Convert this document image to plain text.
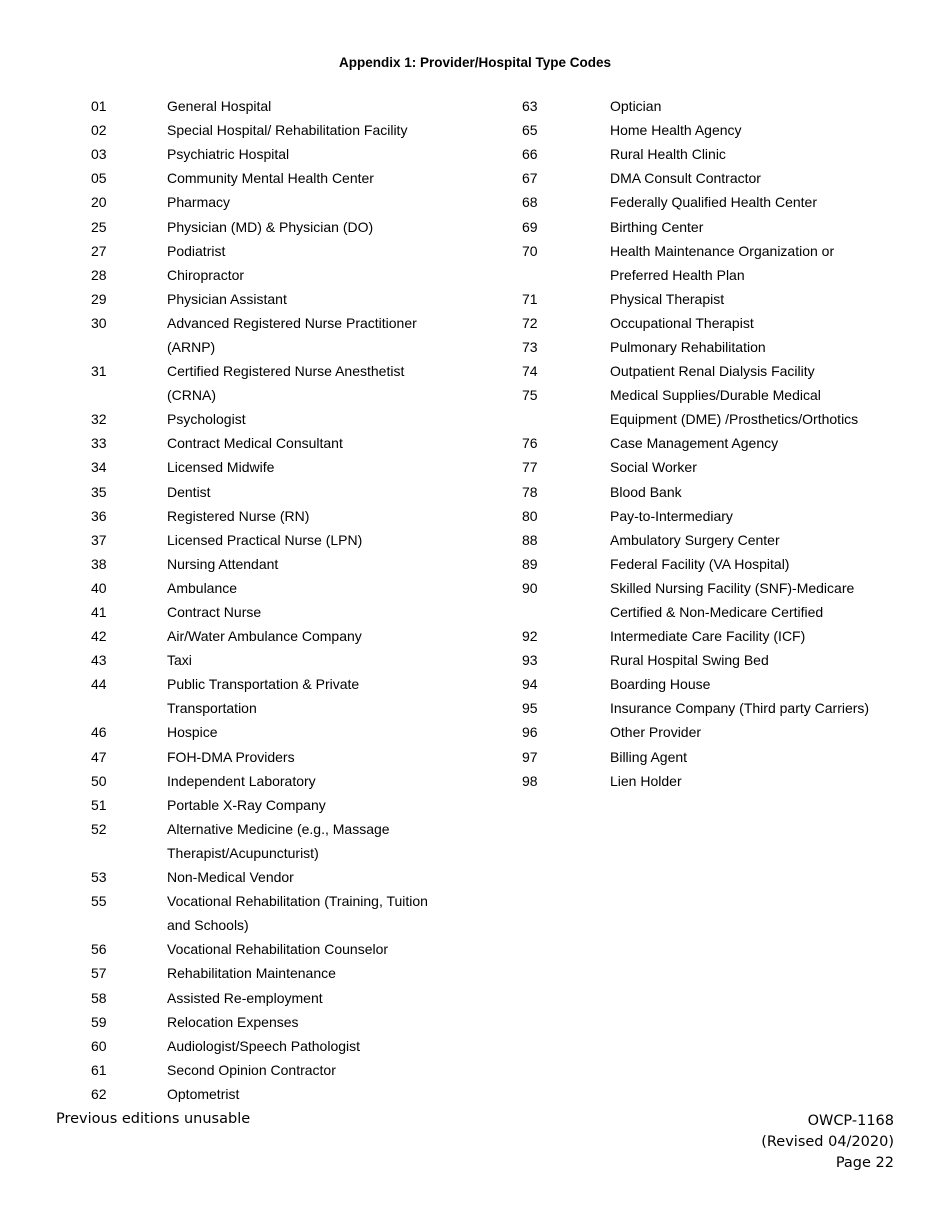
Appendix 1: Provider/Hospital Type Codes
01	General Hospital
02	Special Hospital/ Rehabilitation Facility
03	Psychiatric Hospital
05	Community Mental Health Center
20	Pharmacy
25	Physician (MD) & Physician (DO)
27	Podiatrist
28	Chiropractor
29	Physician Assistant
30	Advanced Registered Nurse Practitioner
(ARNP)
31	Certified Registered Nurse Anesthetist
(CRNA)
32	Psychologist
33	Contract Medical Consultant
34	Licensed Midwife
35	Dentist
36	Registered Nurse (RN)
37	Licensed Practical Nurse (LPN)
38	Nursing Attendant
40	Ambulance
41	Contract Nurse
42	Air/Water Ambulance Company
43	Taxi
44	Public Transportation & Private
Transportation
46	Hospice
47	FOH-DMA Providers
50	Independent Laboratory
51	Portable X-Ray Company
52	Alternative Medicine (e.g., Massage
Therapist/Acupuncturist)
53	Non-Medical Vendor
55	Vocational Rehabilitation (Training, Tuition
and Schools)
56	Vocational Rehabilitation Counselor
57	Rehabilitation Maintenance
58	Assisted Re-employment
59	Relocation Expenses
60	Audiologist/Speech Pathologist
61	Second Opinion Contractor
62	Optometrist
63	Optician
65	Home Health Agency
66	Rural Health Clinic
67	DMA Consult Contractor
68	Federally Qualified Health Center
69	Birthing Center
70	Health Maintenance Organization or
Preferred Health Plan
71	Physical Therapist
72	Occupational Therapist
73	Pulmonary Rehabilitation
74	Outpatient Renal Dialysis Facility
75	Medical Supplies/Durable Medical
Equipment (DME) /Prosthetics/Orthotics
76	Case Management Agency
77	Social Worker
78	Blood Bank
80	Pay-to-Intermediary
88	Ambulatory Surgery Center
89	Federal Facility (VA Hospital)
90	Skilled Nursing Facility (SNF)-Medicare
Certified & Non-Medicare Certified
92	Intermediate Care Facility (ICF)
93	Rural Hospital Swing Bed
94	Boarding House
95	Insurance Company (Third party Carriers)
96	Other Provider
97	Billing Agent
98	Lien Holder
Previous editions unusable	OWCP-1168
(Revised 04/2020)
Page 22
